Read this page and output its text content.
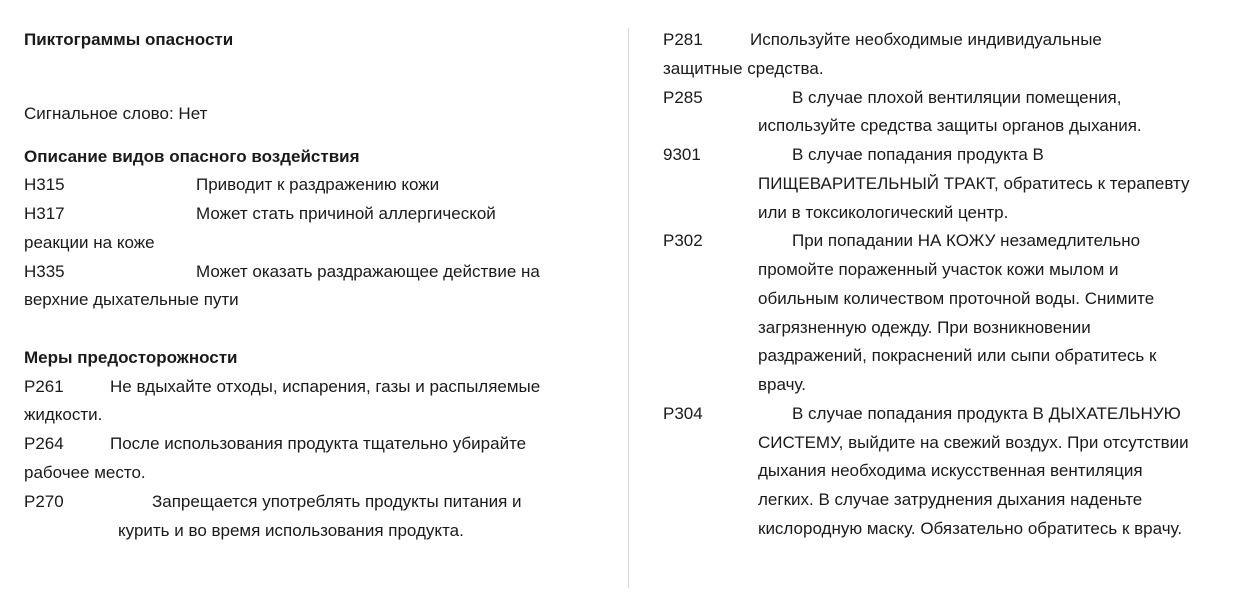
Пиктограммы опасности
Сигнальное слово: Нет
Описание видов опасного воздействия
H315	Приводит к раздражению кожи
H317	Может стать причиной аллергической
реакции на коже
H335	Может оказать раздражающее действие на
верхние дыхательные пути
Меры предосторожности
P261	Не вдыхайте отходы, испарения, газы и распыляемые
жидкости.
P264	После использования продукта тщательно убирайте
рабочее место.
P270	Запрещается употреблять продукты питания и
курить и во время использования продукта.
P281	Используйте необходимые индивидуальные
защитные средства.
P285	В случае плохой вентиляции помещения,
используйте средства защиты органов дыхания.
9301	В случае попадания продукта В
ПИЩЕВАРИТЕЛЬНЫЙ ТРАКТ, обратитесь к терапевту
или в токсикологический центр.
P302	При попадании НА КОЖУ незамедлительно
промойте пораженный участок кожи мылом и
обильным количеством проточной воды. Снимите
загрязненную одежду. При возникновении
раздражений, покраснений или сыпи обратитесь к
врачу.
P304	В случае попадания продукта В ДЫХАТЕЛЬНУЮ
СИСТЕМУ, выйдите на свежий воздух. При отсутствии
дыхания необходима искусственная вентиляция
легких. В случае затруднения дыхания наденьте
кислородную маску. Обязательно обратитесь к врачу.
